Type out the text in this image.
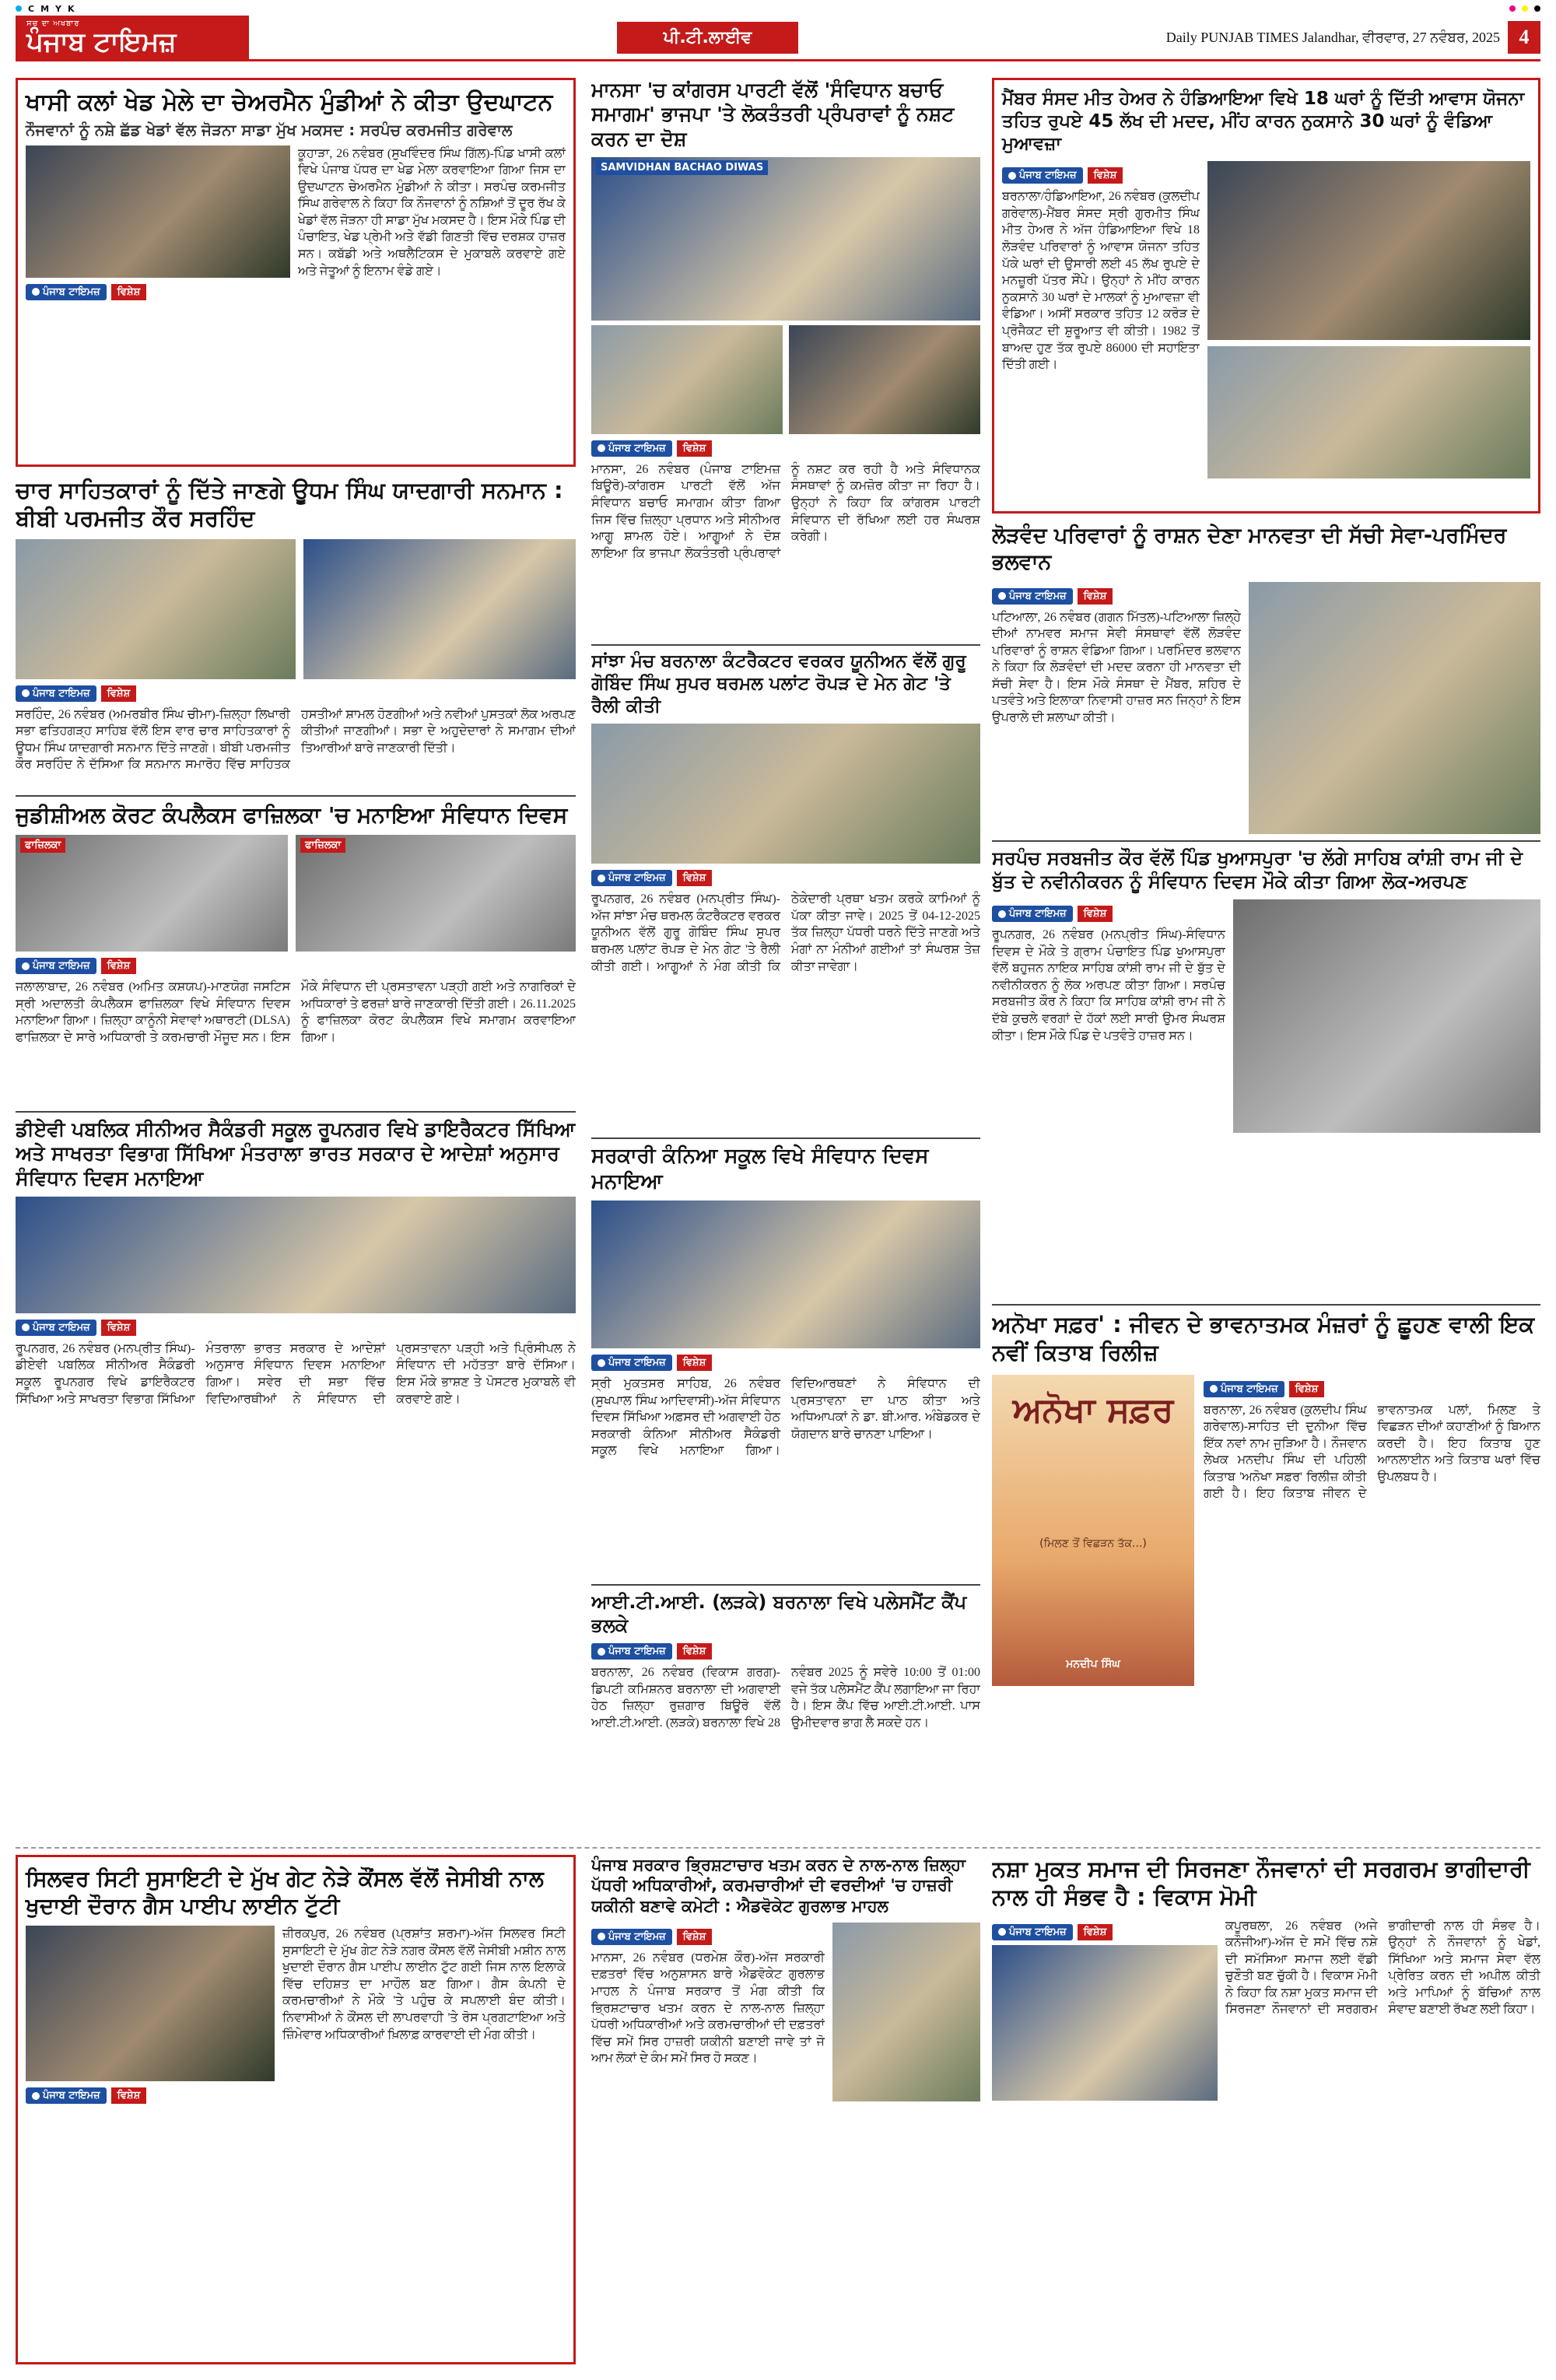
C M Y K
ਸਚ ਦਾ ਅਖਬਾਰ
ਪੰਜਾਬ ਟਾਇਮਜ਼	ਪੀ.ਟੀ.ਲਾਈਵ	Daily PUNJAB TIMES Jalandhar, ਵੀਰਵਾਰ, 27 ਨਵੰਬਰ, 2025 4
ਖਾਸੀ ਕਲਾਂ ਖੇਡ ਮੇਲੇ ਦਾ ਚੇਅਰਮੈਨ ਮੁੰਡੀਆਂ ਨੇ ਕੀਤਾ ਉਦਘਾਟਨ
ਨੌਜਵਾਨਾਂ ਨੂੰ ਨਸ਼ੇ ਛੱਡ ਖੇਡਾਂ ਵੱਲ ਜੋੜਨਾ ਸਾਡਾ ਮੁੱਖ ਮਕਸਦ : ਸਰਪੰਚ ਕਰਮਜੀਤ ਗਰੇਵਾਲ
ਪੰਜਾਬ ਟਾਇਮਜ਼	ਵਿਸ਼ੇਸ਼
ਕੂਹਾੜਾ, 26 ਨਵੰਬਰ (ਸੁਖਵਿੰਦਰ ਸਿੰਘ ਗਿੱਲ)-ਪਿੰਡ ਖਾਸੀ ਕਲਾਂ ਵਿਖੇ ਪੰਜਾਬ ਪੱਧਰ ਦਾ ਖੇਡ ਮੇਲਾ ਕਰਵਾਇਆ ਗਿਆ ਜਿਸ ਦਾ ਉਦਘਾਟਨ ਚੇਅਰਮੈਨ ਮੁੰਡੀਆਂ ਨੇ ਕੀਤਾ। ਸਰਪੰਚ ਕਰਮਜੀਤ ਸਿੰਘ ਗਰੇਵਾਲ ਨੇ ਕਿਹਾ ਕਿ ਨੌਜਵਾਨਾਂ ਨੂੰ ਨਸ਼ਿਆਂ ਤੋਂ ਦੂਰ ਰੱਖ ਕੇ ਖੇਡਾਂ ਵੱਲ ਜੋੜਨਾ ਹੀ ਸਾਡਾ ਮੁੱਖ ਮਕਸਦ ਹੈ। ਇਸ ਮੌਕੇ ਪਿੰਡ ਦੀ ਪੰਚਾਇਤ, ਖੇਡ ਪ੍ਰੇਮੀ ਅਤੇ ਵੱਡੀ ਗਿਣਤੀ ਵਿੱਚ ਦਰਸ਼ਕ ਹਾਜ਼ਰ ਸਨ। ਕਬੱਡੀ ਅਤੇ ਅਥਲੈਟਿਕਸ ਦੇ ਮੁਕਾਬਲੇ ਕਰਵਾਏ ਗਏ ਅਤੇ ਜੇਤੂਆਂ ਨੂੰ ਇਨਾਮ ਵੰਡੇ ਗਏ।
ਚਾਰ ਸਾਹਿਤਕਾਰਾਂ ਨੂੰ ਦਿੱਤੇ ਜਾਣਗੇ ਊਧਮ ਸਿੰਘ ਯਾਦਗਾਰੀ ਸਨਮਾਨ : ਬੀਬੀ ਪਰਮਜੀਤ ਕੌਰ ਸਰਹਿੰਦ
ਪੰਜਾਬ ਟਾਇਮਜ਼	ਵਿਸ਼ੇਸ਼
ਸਰਹਿੰਦ, 26 ਨਵੰਬਰ (ਅਮਰਬੀਰ ਸਿੰਘ ਚੀਮਾ)-ਜ਼ਿਲ੍ਹਾ ਲਿਖਾਰੀ ਸਭਾ ਫਤਿਹਗੜ੍ਹ ਸਾਹਿਬ ਵੱਲੋਂ ਇਸ ਵਾਰ ਚਾਰ ਸਾਹਿਤਕਾਰਾਂ ਨੂੰ ਊਧਮ ਸਿੰਘ ਯਾਦਗਾਰੀ ਸਨਮਾਨ ਦਿੱਤੇ ਜਾਣਗੇ। ਬੀਬੀ ਪਰਮਜੀਤ ਕੌਰ ਸਰਹਿੰਦ ਨੇ ਦੱਸਿਆ ਕਿ ਸਨਮਾਨ ਸਮਾਰੋਹ ਵਿੱਚ ਸਾਹਿਤਕ ਹਸਤੀਆਂ ਸ਼ਾਮਲ ਹੋਣਗੀਆਂ ਅਤੇ ਨਵੀਆਂ ਪੁਸਤਕਾਂ ਲੋਕ ਅਰਪਣ ਕੀਤੀਆਂ ਜਾਣਗੀਆਂ। ਸਭਾ ਦੇ ਅਹੁਦੇਦਾਰਾਂ ਨੇ ਸਮਾਗਮ ਦੀਆਂ ਤਿਆਰੀਆਂ ਬਾਰੇ ਜਾਣਕਾਰੀ ਦਿੱਤੀ।
ਜੁਡੀਸ਼ੀਅਲ ਕੋਰਟ ਕੰਪਲੈਕਸ ਫਾਜ਼ਿਲਕਾ 'ਚ ਮਨਾਇਆ ਸੰਵਿਧਾਨ ਦਿਵਸ
ਫਾਜ਼ਿਲਕਾ	ਫਾਜ਼ਿਲਕਾ
ਪੰਜਾਬ ਟਾਇਮਜ਼	ਵਿਸ਼ੇਸ਼
ਜਲਾਲਾਬਾਦ, 26 ਨਵੰਬਰ (ਅਮਿਤ ਕਸ਼ਯਪ)-ਮਾਣਯੋਗ ਜਸਟਿਸ ਸ੍ਰੀ ਅਦਾਲਤੀ ਕੰਪਲੈਕਸ ਫਾਜ਼ਿਲਕਾ ਵਿਖੇ ਸੰਵਿਧਾਨ ਦਿਵਸ ਮਨਾਇਆ ਗਿਆ। ਜ਼ਿਲ੍ਹਾ ਕਾਨੂੰਨੀ ਸੇਵਾਵਾਂ ਅਥਾਰਟੀ (DLSA) ਫਾਜ਼ਿਲਕਾ ਦੇ ਸਾਰੇ ਅਧਿਕਾਰੀ ਤੇ ਕਰਮਚਾਰੀ ਮੌਜੂਦ ਸਨ। ਇਸ ਮੌਕੇ ਸੰਵਿਧਾਨ ਦੀ ਪ੍ਰਸਤਾਵਨਾ ਪੜ੍ਹੀ ਗਈ ਅਤੇ ਨਾਗਰਿਕਾਂ ਦੇ ਅਧਿਕਾਰਾਂ ਤੇ ਫਰਜ਼ਾਂ ਬਾਰੇ ਜਾਣਕਾਰੀ ਦਿੱਤੀ ਗਈ। 26.11.2025 ਨੂੰ ਫਾਜ਼ਿਲਕਾ ਕੋਰਟ ਕੰਪਲੈਕਸ ਵਿਖੇ ਸਮਾਗਮ ਕਰਵਾਇਆ ਗਿਆ।
ਡੀਏਵੀ ਪਬਲਿਕ ਸੀਨੀਅਰ ਸੈਕੰਡਰੀ ਸਕੂਲ ਰੂਪਨਗਰ ਵਿਖੇ ਡਾਇਰੈਕਟਰ ਸਿੱਖਿਆ ਅਤੇ ਸਾਖਰਤਾ ਵਿਭਾਗ ਸਿੱਖਿਆ ਮੰਤਰਾਲਾ ਭਾਰਤ ਸਰਕਾਰ ਦੇ ਆਦੇਸ਼ਾਂ ਅਨੁਸਾਰ ਸੰਵਿਧਾਨ ਦਿਵਸ ਮਨਾਇਆ
ਪੰਜਾਬ ਟਾਇਮਜ਼	ਵਿਸ਼ੇਸ਼
ਰੂਪਨਗਰ, 26 ਨਵੰਬਰ (ਮਨਪ੍ਰੀਤ ਸਿੰਘ)-ਡੀਏਵੀ ਪਬਲਿਕ ਸੀਨੀਅਰ ਸੈਕੰਡਰੀ ਸਕੂਲ ਰੂਪਨਗਰ ਵਿਖੇ ਡਾਇਰੈਕਟਰ ਸਿੱਖਿਆ ਅਤੇ ਸਾਖਰਤਾ ਵਿਭਾਗ ਸਿੱਖਿਆ ਮੰਤਰਾਲਾ ਭਾਰਤ ਸਰਕਾਰ ਦੇ ਆਦੇਸ਼ਾਂ ਅਨੁਸਾਰ ਸੰਵਿਧਾਨ ਦਿਵਸ ਮਨਾਇਆ ਗਿਆ। ਸਵੇਰ ਦੀ ਸਭਾ ਵਿੱਚ ਵਿਦਿਆਰਥੀਆਂ ਨੇ ਸੰਵਿਧਾਨ ਦੀ ਪ੍ਰਸਤਾਵਨਾ ਪੜ੍ਹੀ ਅਤੇ ਪ੍ਰਿੰਸੀਪਲ ਨੇ ਸੰਵਿਧਾਨ ਦੀ ਮਹੱਤਤਾ ਬਾਰੇ ਦੱਸਿਆ। ਇਸ ਮੌਕੇ ਭਾਸ਼ਣ ਤੇ ਪੋਸਟਰ ਮੁਕਾਬਲੇ ਵੀ ਕਰਵਾਏ ਗਏ।
ਮਾਨਸਾ 'ਚ ਕਾਂਗਰਸ ਪਾਰਟੀ ਵੱਲੋਂ 'ਸੰਵਿਧਾਨ ਬਚਾਓ ਸਮਾਗਮ' ਭਾਜਪਾ 'ਤੇ ਲੋਕਤੰਤਰੀ ਪ੍ਰੰਪਰਾਵਾਂ ਨੂੰ ਨਸ਼ਟ ਕਰਨ ਦਾ ਦੋਸ਼
SAMVIDHAN BACHAO DIWAS
ਪੰਜਾਬ ਟਾਇਮਜ਼	ਵਿਸ਼ੇਸ਼
ਮਾਨਸਾ, 26 ਨਵੰਬਰ (ਪੰਜਾਬ ਟਾਇਮਜ਼ ਬਿਊਰੋ)-ਕਾਂਗਰਸ ਪਾਰਟੀ ਵੱਲੋਂ ਅੱਜ ਸੰਵਿਧਾਨ ਬਚਾਓ ਸਮਾਗਮ ਕੀਤਾ ਗਿਆ ਜਿਸ ਵਿੱਚ ਜ਼ਿਲ੍ਹਾ ਪ੍ਰਧਾਨ ਅਤੇ ਸੀਨੀਅਰ ਆਗੂ ਸ਼ਾਮਲ ਹੋਏ। ਆਗੂਆਂ ਨੇ ਦੋਸ਼ ਲਾਇਆ ਕਿ ਭਾਜਪਾ ਲੋਕਤੰਤਰੀ ਪ੍ਰੰਪਰਾਵਾਂ ਨੂੰ ਨਸ਼ਟ ਕਰ ਰਹੀ ਹੈ ਅਤੇ ਸੰਵਿਧਾਨਕ ਸੰਸਥਾਵਾਂ ਨੂੰ ਕਮਜ਼ੋਰ ਕੀਤਾ ਜਾ ਰਿਹਾ ਹੈ। ਉਨ੍ਹਾਂ ਨੇ ਕਿਹਾ ਕਿ ਕਾਂਗਰਸ ਪਾਰਟੀ ਸੰਵਿਧਾਨ ਦੀ ਰੱਖਿਆ ਲਈ ਹਰ ਸੰਘਰਸ਼ ਕਰੇਗੀ।
ਸਾਂਝਾ ਮੰਚ ਬਰਨਾਲਾ ਕੰਟਰੈਕਟਰ ਵਰਕਰ ਯੂਨੀਅਨ ਵੱਲੋਂ ਗੁਰੂ ਗੋਬਿੰਦ ਸਿੰਘ ਸੁਪਰ ਥਰਮਲ ਪਲਾਂਟ ਰੋਪੜ ਦੇ ਮੇਨ ਗੇਟ 'ਤੇ ਰੈਲੀ ਕੀਤੀ
ਪੰਜਾਬ ਟਾਇਮਜ਼	ਵਿਸ਼ੇਸ਼
ਰੂਪਨਗਰ, 26 ਨਵੰਬਰ (ਮਨਪ੍ਰੀਤ ਸਿੰਘ)-ਅੱਜ ਸਾਂਝਾ ਮੰਚ ਥਰਮਲ ਕੰਟਰੈਕਟਰ ਵਰਕਰ ਯੂਨੀਅਨ ਵੱਲੋਂ ਗੁਰੂ ਗੋਬਿੰਦ ਸਿੰਘ ਸੁਪਰ ਥਰਮਲ ਪਲਾਂਟ ਰੋਪੜ ਦੇ ਮੇਨ ਗੇਟ 'ਤੇ ਰੈਲੀ ਕੀਤੀ ਗਈ। ਆਗੂਆਂ ਨੇ ਮੰਗ ਕੀਤੀ ਕਿ ਠੇਕੇਦਾਰੀ ਪ੍ਰਥਾ ਖਤਮ ਕਰਕੇ ਕਾਮਿਆਂ ਨੂੰ ਪੱਕਾ ਕੀਤਾ ਜਾਵੇ। 2025 ਤੋਂ 04-12-2025 ਤੱਕ ਜ਼ਿਲ੍ਹਾ ਪੱਧਰੀ ਧਰਨੇ ਦਿੱਤੇ ਜਾਣਗੇ ਅਤੇ ਮੰਗਾਂ ਨਾ ਮੰਨੀਆਂ ਗਈਆਂ ਤਾਂ ਸੰਘਰਸ਼ ਤੇਜ਼ ਕੀਤਾ ਜਾਵੇਗਾ।
ਸਰਕਾਰੀ ਕੰਨਿਆ ਸਕੂਲ ਵਿਖੇ ਸੰਵਿਧਾਨ ਦਿਵਸ ਮਨਾਇਆ
ਪੰਜਾਬ ਟਾਇਮਜ਼	ਵਿਸ਼ੇਸ਼
ਸ੍ਰੀ ਮੁਕਤਸਰ ਸਾਹਿਬ, 26 ਨਵੰਬਰ (ਸੁਖਪਾਲ ਸਿੰਘ ਆਦਿਵਾਸੀ)-ਅੱਜ ਸੰਵਿਧਾਨ ਦਿਵਸ ਸਿੱਖਿਆ ਅਫ਼ਸਰ ਦੀ ਅਗਵਾਈ ਹੇਠ ਸਰਕਾਰੀ ਕੰਨਿਆ ਸੀਨੀਅਰ ਸੈਕੰਡਰੀ ਸਕੂਲ ਵਿਖੇ ਮਨਾਇਆ ਗਿਆ। ਵਿਦਿਆਰਥਣਾਂ ਨੇ ਸੰਵਿਧਾਨ ਦੀ ਪ੍ਰਸਤਾਵਨਾ ਦਾ ਪਾਠ ਕੀਤਾ ਅਤੇ ਅਧਿਆਪਕਾਂ ਨੇ ਡਾ. ਬੀ.ਆਰ. ਅੰਬੇਡਕਰ ਦੇ ਯੋਗਦਾਨ ਬਾਰੇ ਚਾਨਣਾ ਪਾਇਆ।
ਆਈ.ਟੀ.ਆਈ. (ਲੜਕੇ) ਬਰਨਾਲਾ ਵਿਖੇ ਪਲੇਸਮੈਂਟ ਕੈਂਪ ਭਲਕੇ
ਪੰਜਾਬ ਟਾਇਮਜ਼	ਵਿਸ਼ੇਸ਼
ਬਰਨਾਲਾ, 26 ਨਵੰਬਰ (ਵਿਕਾਸ ਗਰਗ)-ਡਿਪਟੀ ਕਮਿਸ਼ਨਰ ਬਰਨਾਲਾ ਦੀ ਅਗਵਾਈ ਹੇਠ ਜ਼ਿਲ੍ਹਾ ਰੁਜ਼ਗਾਰ ਬਿਊਰੋ ਵੱਲੋਂ ਆਈ.ਟੀ.ਆਈ. (ਲੜਕੇ) ਬਰਨਾਲਾ ਵਿਖੇ 28 ਨਵੰਬਰ 2025 ਨੂੰ ਸਵੇਰੇ 10:00 ਤੋਂ 01:00 ਵਜੇ ਤੱਕ ਪਲੇਸਮੈਂਟ ਕੈਂਪ ਲਗਾਇਆ ਜਾ ਰਿਹਾ ਹੈ। ਇਸ ਕੈਂਪ ਵਿੱਚ ਆਈ.ਟੀ.ਆਈ. ਪਾਸ ਉਮੀਦਵਾਰ ਭਾਗ ਲੈ ਸਕਦੇ ਹਨ।
ਮੈਂਬਰ ਸੰਸਦ ਮੀਤ ਹੇਅਰ ਨੇ ਹੰਡਿਆਇਆ ਵਿਖੇ 18 ਘਰਾਂ ਨੂੰ ਦਿੱਤੀ ਆਵਾਸ ਯੋਜਨਾ ਤਹਿਤ ਰੁਪਏ 45 ਲੱਖ ਦੀ ਮਦਦ, ਮੀਂਹ ਕਾਰਨ ਨੁਕਸਾਨੇ 30 ਘਰਾਂ ਨੂੰ ਵੰਡਿਆ ਮੁਆਵਜ਼ਾ
ਪੰਜਾਬ ਟਾਇਮਜ਼	ਵਿਸ਼ੇਸ਼
ਬਰਨਾਲਾ/ਹੰਡਿਆਇਆ, 26 ਨਵੰਬਰ (ਕੁਲਦੀਪ ਗਰੇਵਾਲ)-ਮੈਂਬਰ ਸੰਸਦ ਸ੍ਰੀ ਗੁਰਮੀਤ ਸਿੰਘ ਮੀਤ ਹੇਅਰ ਨੇ ਅੱਜ ਹੰਡਿਆਇਆ ਵਿਖੇ 18 ਲੋੜਵੰਦ ਪਰਿਵਾਰਾਂ ਨੂੰ ਆਵਾਸ ਯੋਜਨਾ ਤਹਿਤ ਪੱਕੇ ਘਰਾਂ ਦੀ ਉਸਾਰੀ ਲਈ 45 ਲੱਖ ਰੁਪਏ ਦੇ ਮਨਜ਼ੂਰੀ ਪੱਤਰ ਸੌਂਪੇ। ਉਨ੍ਹਾਂ ਨੇ ਮੀਂਹ ਕਾਰਨ ਨੁਕਸਾਨੇ 30 ਘਰਾਂ ਦੇ ਮਾਲਕਾਂ ਨੂੰ ਮੁਆਵਜ਼ਾ ਵੀ ਵੰਡਿਆ। ਅਸੀਂ ਸਰਕਾਰ ਤਹਿਤ 12 ਕਰੋੜ ਦੇ ਪ੍ਰੋਜੈਕਟ ਦੀ ਸ਼ੁਰੂਆਤ ਵੀ ਕੀਤੀ। 1982 ਤੋਂ ਬਾਅਦ ਹੁਣ ਤੱਕ ਰੁਪਏ 86000 ਦੀ ਸਹਾਇਤਾ ਦਿੱਤੀ ਗਈ।
ਲੋੜਵੰਦ ਪਰਿਵਾਰਾਂ ਨੂੰ ਰਾਸ਼ਨ ਦੇਣਾ ਮਾਨਵਤਾ ਦੀ ਸੱਚੀ ਸੇਵਾ-ਪਰਮਿੰਦਰ ਭਲਵਾਨ
ਪੰਜਾਬ ਟਾਇਮਜ਼	ਵਿਸ਼ੇਸ਼
ਪਟਿਆਲਾ, 26 ਨਵੰਬਰ (ਗਗਨ ਮਿੱਤਲ)-ਪਟਿਆਲਾ ਜ਼ਿਲ੍ਹੇ ਦੀਆਂ ਨਾਮਵਰ ਸਮਾਜ ਸੇਵੀ ਸੰਸਥਾਵਾਂ ਵੱਲੋਂ ਲੋੜਵੰਦ ਪਰਿਵਾਰਾਂ ਨੂੰ ਰਾਸ਼ਨ ਵੰਡਿਆ ਗਿਆ। ਪਰਮਿੰਦਰ ਭਲਵਾਨ ਨੇ ਕਿਹਾ ਕਿ ਲੋੜਵੰਦਾਂ ਦੀ ਮਦਦ ਕਰਨਾ ਹੀ ਮਾਨਵਤਾ ਦੀ ਸੱਚੀ ਸੇਵਾ ਹੈ। ਇਸ ਮੌਕੇ ਸੰਸਥਾ ਦੇ ਮੈਂਬਰ, ਸ਼ਹਿਰ ਦੇ ਪਤਵੰਤੇ ਅਤੇ ਇਲਾਕਾ ਨਿਵਾਸੀ ਹਾਜ਼ਰ ਸਨ ਜਿਨ੍ਹਾਂ ਨੇ ਇਸ ਉਪਰਾਲੇ ਦੀ ਸ਼ਲਾਘਾ ਕੀਤੀ।
ਸਰਪੰਚ ਸਰਬਜੀਤ ਕੌਰ ਵੱਲੋਂ ਪਿੰਡ ਖੁਆਸਪੁਰਾ 'ਚ ਲੱਗੇ ਸਾਹਿਬ ਕਾਂਸ਼ੀ ਰਾਮ ਜੀ ਦੇ ਬੁੱਤ ਦੇ ਨਵੀਨੀਕਰਨ ਨੂੰ ਸੰਵਿਧਾਨ ਦਿਵਸ ਮੌਕੇ ਕੀਤਾ ਗਿਆ ਲੋਕ-ਅਰਪਣ
ਪੰਜਾਬ ਟਾਇਮਜ਼	ਵਿਸ਼ੇਸ਼
ਰੂਪਨਗਰ, 26 ਨਵੰਬਰ (ਮਨਪ੍ਰੀਤ ਸਿੰਘ)-ਸੰਵਿਧਾਨ ਦਿਵਸ ਦੇ ਮੌਕੇ ਤੇ ਗ੍ਰਾਮ ਪੰਚਾਇਤ ਪਿੰਡ ਖੁਆਸਪੁਰਾ ਵੱਲੋਂ ਬਹੁਜਨ ਨਾਇਕ ਸਾਹਿਬ ਕਾਂਸ਼ੀ ਰਾਮ ਜੀ ਦੇ ਬੁੱਤ ਦੇ ਨਵੀਨੀਕਰਨ ਨੂੰ ਲੋਕ ਅਰਪਣ ਕੀਤਾ ਗਿਆ। ਸਰਪੰਚ ਸਰਬਜੀਤ ਕੌਰ ਨੇ ਕਿਹਾ ਕਿ ਸਾਹਿਬ ਕਾਂਸ਼ੀ ਰਾਮ ਜੀ ਨੇ ਦੱਬੇ ਕੁਚਲੇ ਵਰਗਾਂ ਦੇ ਹੱਕਾਂ ਲਈ ਸਾਰੀ ਉਮਰ ਸੰਘਰਸ਼ ਕੀਤਾ। ਇਸ ਮੌਕੇ ਪਿੰਡ ਦੇ ਪਤਵੰਤੇ ਹਾਜ਼ਰ ਸਨ।
ਅਨੋਖਾ ਸਫ਼ਰ' : ਜੀਵਨ ਦੇ ਭਾਵਨਾਤਮਕ ਮੰਜ਼ਰਾਂ ਨੂੰ ਛੂਹਣ ਵਾਲੀ ਇਕ ਨਵੀਂ ਕਿਤਾਬ ਰਿਲੀਜ਼
ਅਨੋਖਾ ਸਫ਼ਰ
(ਮਿਲਣ ਤੋਂ ਵਿਛੜਨ ਤੱਕ...)
ਮਨਦੀਪ ਸਿੰਘ
ਪੰਜਾਬ ਟਾਇਮਜ਼	ਵਿਸ਼ੇਸ਼
ਬਰਨਾਲਾ, 26 ਨਵੰਬਰ (ਕੁਲਦੀਪ ਸਿੰਘ ਗਰੇਵਾਲ)-ਸਾਹਿਤ ਦੀ ਦੁਨੀਆ ਵਿੱਚ ਇੱਕ ਨਵਾਂ ਨਾਮ ਜੁੜਿਆ ਹੈ। ਨੌਜਵਾਨ ਲੇਖਕ ਮਨਦੀਪ ਸਿੰਘ ਦੀ ਪਹਿਲੀ ਕਿਤਾਬ 'ਅਨੋਖਾ ਸਫ਼ਰ' ਰਿਲੀਜ਼ ਕੀਤੀ ਗਈ ਹੈ। ਇਹ ਕਿਤਾਬ ਜੀਵਨ ਦੇ ਭਾਵਨਾਤਮਕ ਪਲਾਂ, ਮਿਲਣ ਤੇ ਵਿਛੜਨ ਦੀਆਂ ਕਹਾਣੀਆਂ ਨੂੰ ਬਿਆਨ ਕਰਦੀ ਹੈ। ਇਹ ਕਿਤਾਬ ਹੁਣ ਆਨਲਾਈਨ ਅਤੇ ਕਿਤਾਬ ਘਰਾਂ ਵਿੱਚ ਉਪਲਬਧ ਹੈ।
ਸਿਲਵਰ ਸਿਟੀ ਸੁਸਾਇਟੀ ਦੇ ਮੁੱਖ ਗੇਟ ਨੇੜੇ ਕੌਂਸਲ ਵੱਲੋਂ ਜੇਸੀਬੀ ਨਾਲ ਖੁਦਾਈ ਦੌਰਾਨ ਗੈਸ ਪਾਈਪ ਲਾਈਨ ਟੁੱਟੀ
ਪੰਜਾਬ ਟਾਇਮਜ਼	ਵਿਸ਼ੇਸ਼
ਜ਼ੀਰਕਪੁਰ, 26 ਨਵੰਬਰ (ਪ੍ਰਸ਼ਾਂਤ ਸ਼ਰਮਾ)-ਅੱਜ ਸਿਲਵਰ ਸਿਟੀ ਸੁਸਾਇਟੀ ਦੇ ਮੁੱਖ ਗੇਟ ਨੇੜੇ ਨਗਰ ਕੌਂਸਲ ਵੱਲੋਂ ਜੇਸੀਬੀ ਮਸ਼ੀਨ ਨਾਲ ਖੁਦਾਈ ਦੌਰਾਨ ਗੈਸ ਪਾਈਪ ਲਾਈਨ ਟੁੱਟ ਗਈ ਜਿਸ ਨਾਲ ਇਲਾਕੇ ਵਿੱਚ ਦਹਿਸ਼ਤ ਦਾ ਮਾਹੌਲ ਬਣ ਗਿਆ। ਗੈਸ ਕੰਪਨੀ ਦੇ ਕਰਮਚਾਰੀਆਂ ਨੇ ਮੌਕੇ 'ਤੇ ਪਹੁੰਚ ਕੇ ਸਪਲਾਈ ਬੰਦ ਕੀਤੀ। ਨਿਵਾਸੀਆਂ ਨੇ ਕੌਂਸਲ ਦੀ ਲਾਪਰਵਾਹੀ 'ਤੇ ਰੋਸ ਪ੍ਰਗਟਾਇਆ ਅਤੇ ਜ਼ਿੰਮੇਵਾਰ ਅਧਿਕਾਰੀਆਂ ਖ਼ਿਲਾਫ਼ ਕਾਰਵਾਈ ਦੀ ਮੰਗ ਕੀਤੀ।
ਪੰਜਾਬ ਸਰਕਾਰ ਭ੍ਰਿਸ਼ਟਾਚਾਰ ਖਤਮ ਕਰਨ ਦੇ ਨਾਲ-ਨਾਲ ਜ਼ਿਲ੍ਹਾ ਪੱਧਰੀ ਅਧਿਕਾਰੀਆਂ, ਕਰਮਚਾਰੀਆਂ ਦੀ ਵਰਦੀਆਂ 'ਚ ਹਾਜ਼ਰੀ ਯਕੀਨੀ ਬਣਾਵੇ ਕਮੇਟੀ : ਐਡਵੋਕੇਟ ਗੁਰਲਾਭ ਮਾਹਲ
ਪੰਜਾਬ ਟਾਇਮਜ਼	ਵਿਸ਼ੇਸ਼
ਮਾਨਸਾ, 26 ਨਵੰਬਰ (ਧਰਮੇਸ਼ ਕੌਰ)-ਅੱਜ ਸਰਕਾਰੀ ਦਫ਼ਤਰਾਂ ਵਿੱਚ ਅਨੁਸ਼ਾਸਨ ਬਾਰੇ ਐਡਵੋਕੇਟ ਗੁਰਲਾਭ ਮਾਹਲ ਨੇ ਪੰਜਾਬ ਸਰਕਾਰ ਤੋਂ ਮੰਗ ਕੀਤੀ ਕਿ ਭ੍ਰਿਸ਼ਟਾਚਾਰ ਖਤਮ ਕਰਨ ਦੇ ਨਾਲ-ਨਾਲ ਜ਼ਿਲ੍ਹਾ ਪੱਧਰੀ ਅਧਿਕਾਰੀਆਂ ਅਤੇ ਕਰਮਚਾਰੀਆਂ ਦੀ ਦਫ਼ਤਰਾਂ ਵਿੱਚ ਸਮੇਂ ਸਿਰ ਹਾਜ਼ਰੀ ਯਕੀਨੀ ਬਣਾਈ ਜਾਵੇ ਤਾਂ ਜੋ ਆਮ ਲੋਕਾਂ ਦੇ ਕੰਮ ਸਮੇਂ ਸਿਰ ਹੋ ਸਕਣ।
ਨਸ਼ਾ ਮੁਕਤ ਸਮਾਜ ਦੀ ਸਿਰਜਣਾ ਨੌਜਵਾਨਾਂ ਦੀ ਸਰਗਰਮ ਭਾਗੀਦਾਰੀ ਨਾਲ ਹੀ ਸੰਭਵ ਹੈ : ਵਿਕਾਸ ਮੋਮੀ
ਪੰਜਾਬ ਟਾਇਮਜ਼	ਵਿਸ਼ੇਸ਼	ਕਪੂਰਥਲਾ, 26 ਨਵੰਬਰ (ਅਜੇ ਕਨੌਜੀਆ)-ਅੱਜ ਦੇ ਸਮੇਂ ਵਿੱਚ ਨਸ਼ੇ ਦੀ ਸਮੱਸਿਆ ਸਮਾਜ ਲਈ ਵੱਡੀ ਚੁਣੌਤੀ ਬਣ ਚੁੱਕੀ ਹੈ। ਵਿਕਾਸ ਮੋਮੀ ਨੇ ਕਿਹਾ ਕਿ ਨਸ਼ਾ ਮੁਕਤ ਸਮਾਜ ਦੀ ਸਿਰਜਣਾ ਨੌਜਵਾਨਾਂ ਦੀ ਸਰਗਰਮ ਭਾਗੀਦਾਰੀ ਨਾਲ ਹੀ ਸੰਭਵ ਹੈ। ਉਨ੍ਹਾਂ ਨੇ ਨੌਜਵਾਨਾਂ ਨੂੰ ਖੇਡਾਂ, ਸਿੱਖਿਆ ਅਤੇ ਸਮਾਜ ਸੇਵਾ ਵੱਲ ਪ੍ਰੇਰਿਤ ਕਰਨ ਦੀ ਅਪੀਲ ਕੀਤੀ ਅਤੇ ਮਾਪਿਆਂ ਨੂੰ ਬੱਚਿਆਂ ਨਾਲ ਸੰਵਾਦ ਬਣਾਈ ਰੱਖਣ ਲਈ ਕਿਹਾ।
